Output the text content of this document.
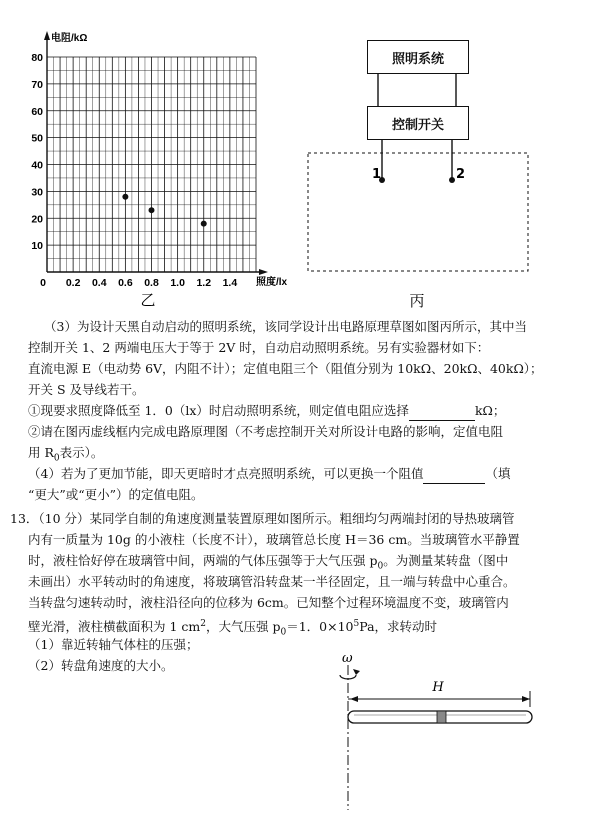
80
70
60
50
40
30
20
10
0 0.2 0.4 0.6 0.8 1.0 1.2 1.4
电阻/kΩ
照度/lx
乙
照明系统
控制开关
1	2
丙
（3）为设计天黑自动启动的照明系统，该同学设计出电路原理草图如图丙所示，其中当
控制开关 1、2 两端电压大于等于 2V 时，自动启动照明系统。另有实验器材如下：
直流电源 E（电动势 6V，内阻不计）；定值电阻三个（阻值分别为 10kΩ、20kΩ、40kΩ）；
开关 S 及导线若干。
①现要求照度降低至 1．0（lx）时启动照明系统，则定值电阻应选择	kΩ；
②请在图丙虚线框内完成电路原理图（不考虑控制开关对所设计电路的影响，定值电阻
用 $R_0$表示）。
（4）若为了更加节能，即天更暗时才点亮照明系统，可以更换一个阻值	（填
“更大”或“更小”）的定值电阻。
13．（10 分）某同学自制的角速度测量装置原理如图所示。粗细均匀两端封闭的导热玻璃管
内有一质量为 10g 的小液柱（长度不计），玻璃管总长度 H＝36 cm。当玻璃管水平静置
时，液柱恰好停在玻璃管中间，两端的气体压强等于大气压强 $p_0$。为测量某转盘（图中
未画出）水平转动时的角速度，将玻璃管沿转盘某一半径固定，且一端与转盘中心重合。
当转盘匀速转动时，液柱沿径向的位移为 6cm。已知整个过程环境温度不变，玻璃管内
壁光滑，液柱横截面积为 1 $cm^2$，大气压强 $p_0=1$．$0\times 10^5Pa$，求转动时
（1）靠近转轴气体柱的压强；
（2）转盘角速度的大小。	ω
H
